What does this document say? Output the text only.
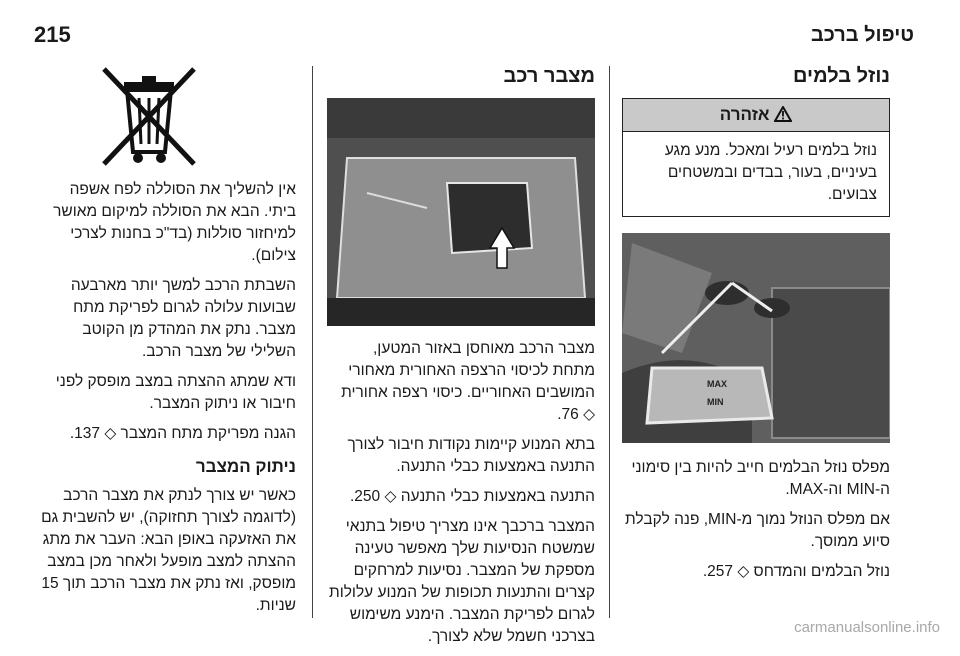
215	טיפול ברכב
נוזל בלמים
אזהרה
נוזל בלמים רעיל ומאכל. מנע מגע בעיניים, בעור, בבדים ובמשטחים צבועים.
MAX
MIN

מפלס נוזל הבלמים חייב להיות בין סימוני ה-MIN וה-MAX.

אם מפלס הנוזל נמוך מ-MIN, פנה לקבלת סיוע ממוסך.

נוזל הבלמים והמדחס ◇ 257.

מצבר רכב

מצבר הרכב מאוחסן באזור המטען, מתחת לכיסוי הרצפה האחורית מאחורי המושבים האחוריים. כיסוי רצפה אחורית ◇ 76.

בתא המנוע קיימות נקודות חיבור לצורך התנעה באמצעות כבלי התנעה.

התנעה באמצעות כבלי התנעה ◇ 250.

המצבר ברכבך אינו מצריך טיפול בתנאי שמשטח הנסיעות שלך מאפשר טעינה מספקת של המצבר. נסיעות למרחקים קצרים והתנעות תכופות של המנוע עלולות לגרום לפריקת המצבר. הימנע משימוש בצרכני חשמל שלא לצורך.

אין להשליך את הסוללה לפח אשפה ביתי. הבא את הסוללה למיקום מאושר למיחזור סוללות (בד"כ בחנות לצרכי צילום).

השבתת הרכב למשך יותר מארבעה שבועות עלולה לגרום לפריקת מתח מצבר. נתק את המהדק מן הקוטב השלילי של מצבר הרכב.

ודא שמתג ההצתה במצב מופסק לפני חיבור או ניתוק המצבר.

הגנה מפריקת מתח המצבר ◇ 137.

ניתוק המצבר

כאשר יש צורך לנתק את מצבר הרכב (לדוגמה לצורך תחזוקה), יש להשבית גם את האזעקה באופן הבא: העבר את מתג ההצתה למצב מופעל ולאחר מכן במצב מופסק, ואז נתק את מצבר הרכב תוך 15 שניות.

carmanualsonline.info
